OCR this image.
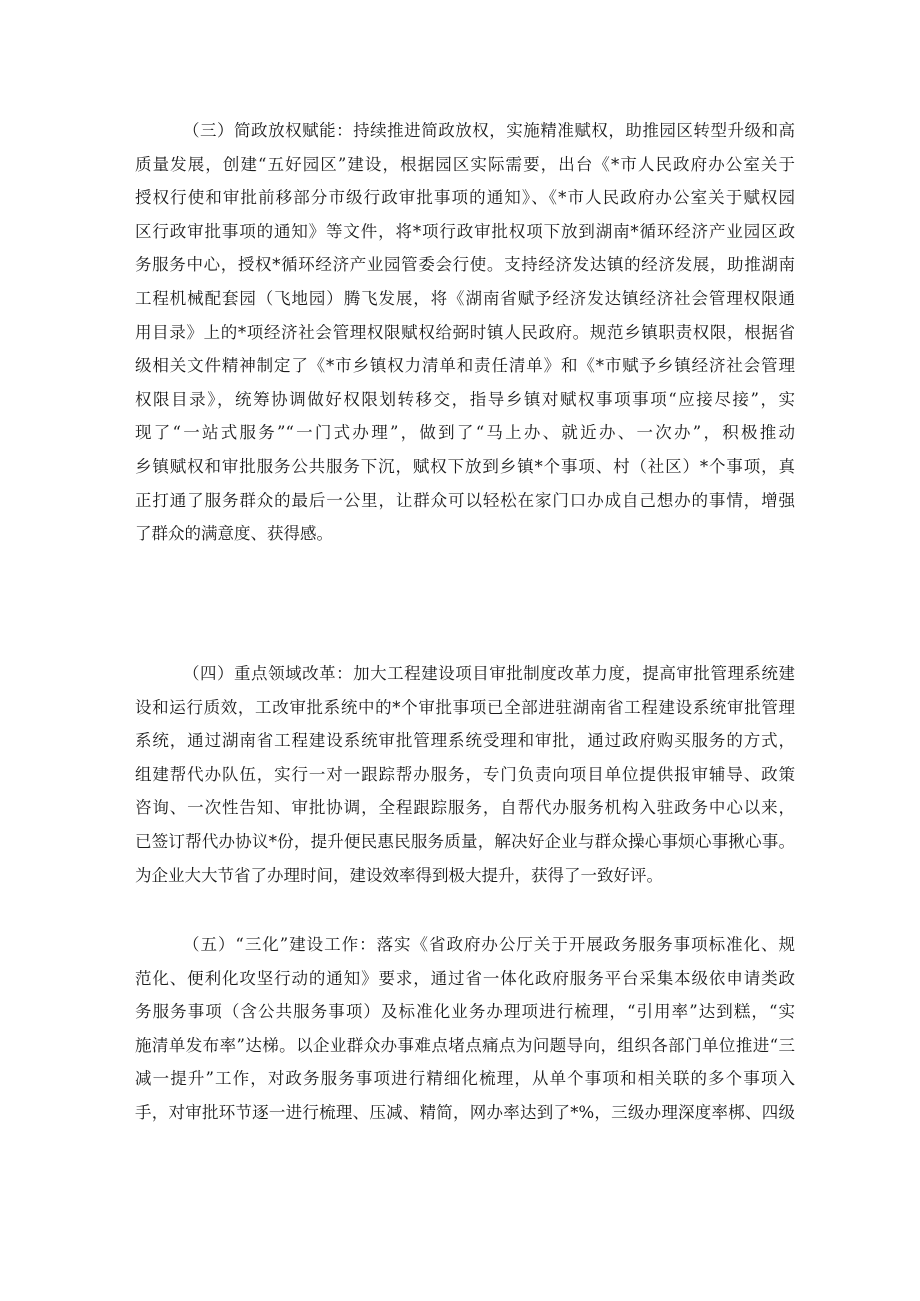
（三）简政放权赋能：持续推进简政放权，实施精准赋权，助推园区转型升级和高
质量发展，创建“五好园区”建设，根据园区实际需要，出台《*市人民政府办公室关于
授权行使和审批前移部分市级行政审批事项的通知》、《*市人民政府办公室关于赋权园
区行政审批事项的通知》等文件，将*项行政审批权项下放到湖南*循环经济产业园区政
务服务中心，授权*循环经济产业园管委会行使。支持经济发达镇的经济发展，助推湖南
工程机械配套园（飞地园）腾飞发展，将《湖南省赋予经济发达镇经济社会管理权限通
用目录》上的*项经济社会管理权限赋权给弼时镇人民政府。规范乡镇职责权限，根据省
级相关文件精神制定了《*市乡镇权力清单和责任清单》和《*市赋予乡镇经济社会管理
权限目录》，统筹协调做好权限划转移交，指导乡镇对赋权事项事项“应接尽接”，实
现了“一站式服务”“一门式办理”，做到了“马上办、就近办、一次办”，积极推动
乡镇赋权和审批服务公共服务下沉，赋权下放到乡镇*个事项、村（社区）*个事项，真
正打通了服务群众的最后一公里，让群众可以轻松在家门口办成自己想办的事情，增强
了群众的满意度、获得感。
（四）重点领域改革：加大工程建设项目审批制度改革力度，提高审批管理系统建
设和运行质效，工改审批系统中的*个审批事项已全部进驻湖南省工程建设系统审批管理
系统，通过湖南省工程建设系统审批管理系统受理和审批，通过政府购买服务的方式，
组建帮代办队伍，实行一对一跟踪帮办服务，专门负责向项目单位提供报审辅导、政策
咨询、一次性告知、审批协调，全程跟踪服务，自帮代办服务机构入驻政务中心以来，
已签订帮代办协议*份，提升便民惠民服务质量，解决好企业与群众操心事烦心事揪心事。
为企业大大节省了办理时间，建设效率得到极大提升，获得了一致好评。
（五）“三化”建设工作：落实《省政府办公厅关于开展政务服务事项标准化、规
范化、便利化攻坚行动的通知》要求，通过省一体化政府服务平台采集本级依申请类政
务服务事项（含公共服务事项）及标准化业务办理项进行梳理，“引用率”达到糕，“实
施清单发布率”达梯。以企业群众办事难点堵点痛点为问题导向，组织各部门单位推进“三
减一提升”工作，对政务服务事项进行精细化梳理，从单个事项和相关联的多个事项入
手，对审批环节逐一进行梳理、压减、精简，网办率达到了*%，三级办理深度率梆、四级
